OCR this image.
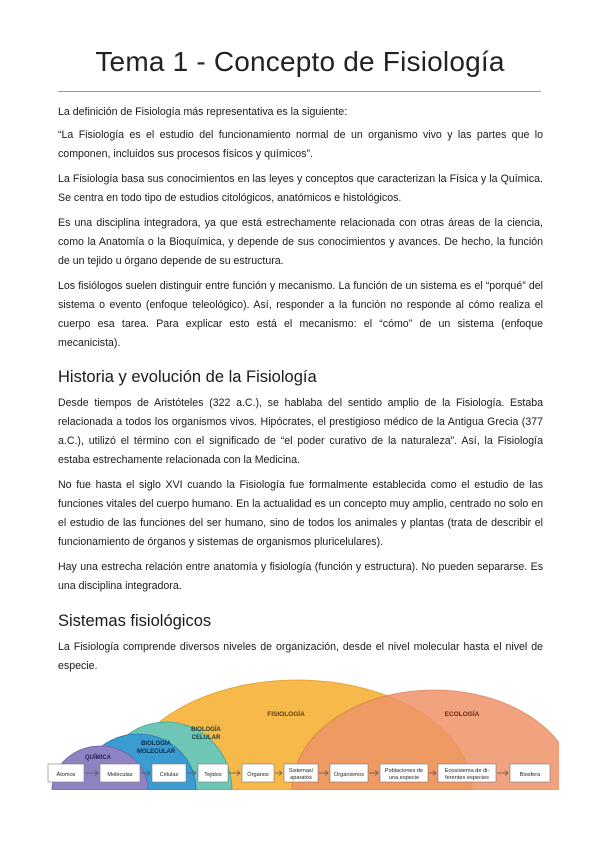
Tema 1 - Concepto de Fisiología

La definición de Fisiología más representativa es la siguiente:

“La Fisiología es el estudio del funcionamiento normal de un organismo vivo y las partes que lo componen, incluidos sus procesos físicos y químicos”.

La Fisiología basa sus conocimientos en las leyes y conceptos que caracterizan la Física y la Química. Se centra en todo tipo de estudios citológicos, anatómicos e histológicos.

Es una disciplina integradora, ya que está estrechamente relacionada con otras áreas de la ciencia, como la Anatomía o la Bioquímica, y depende de sus conocimientos y avances. De hecho, la función de un tejido u órgano depende de su estructura.

Los fisiólogos suelen distinguir entre función y mecanismo. La función de un sistema es el “porqué” del sistema o evento (enfoque teleológico). Así, responder a la función no responde al cómo realiza el cuerpo esa tarea. Para explicar esto está el mecanismo: el “cómo” de un sistema (enfoque mecanicista).

Historia y evolución de la Fisiología

Desde tiempos de Aristóteles (322 a.C.), se hablaba del sentido amplio de la Fisiología. Estaba relacionada a todos los organismos vivos. Hipócrates, el prestigioso médico de la Antigua Grecia (377 a.C.), utilizó el término con el significado de “el poder curativo de la naturaleza”. Así, la Fisiología estaba estrechamente relacionada con la Medicina.

No fue hasta el siglo XVI cuando la Fisiología fue formalmente establecida como el estudio de las funciones vitales del cuerpo humano. En la actualidad es un concepto muy amplio, centrado no solo en el estudio de las funciones del ser humano, sino de todos los animales y plantas (trata de describir el funcionamiento de órganos y sistemas de organismos pluricelulares).

Hay una estrecha relación entre anatomía y fisiología (función y estructura). No pueden separarse. Es una disciplina integradora.

Sistemas fisiológicos

La Fisiología comprende diversos niveles de organización, desde el nivel molecular hasta el nivel de especie.

FISIOLOGÍA	ECOLOGÍA
BIOLOGÍA
CELULAR
BIOLOGÍA
MOLECULAR
QUÍMICA
Átomos	Moléculas	Células	Tejidos	Órganos
Sistemas/
aparatos	Organismos
Poblaciones de
una especie
Ecosistema de di-
ferentes especies	Biosfera
